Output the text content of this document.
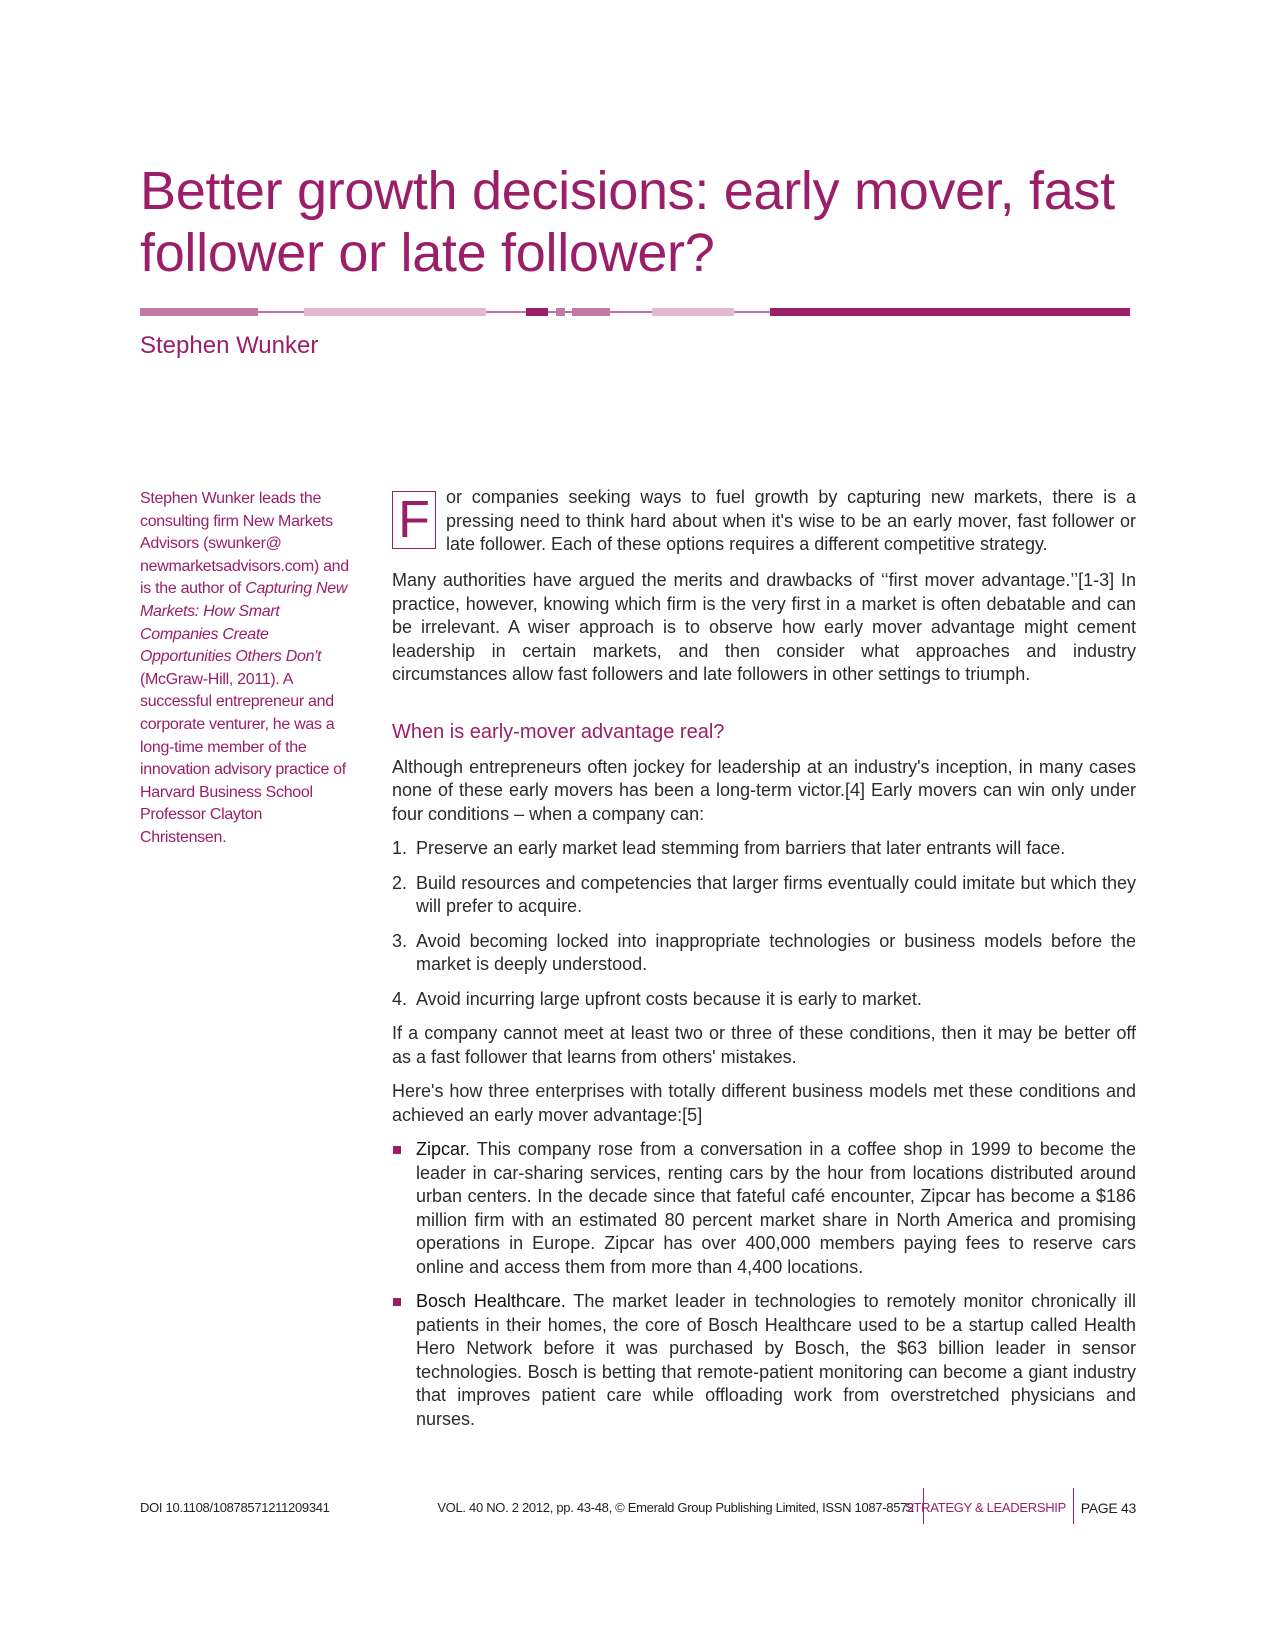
Better growth decisions: early mover, fast
follower or late follower?
Stephen Wunker
Stephen Wunker leads the consulting firm New Markets Advisors (swunker@ newmarketsadvisors.com) and is the author of Capturing New Markets: How Smart Companies Create Opportunities Others Don't (McGraw-Hill, 2011). A successful entrepreneur and corporate venturer, he was a long-time member of the innovation advisory practice of Harvard Business School Professor Clayton Christensen.

F or companies seeking ways to fuel growth by capturing new markets, there is a pressing need to think hard about when it's wise to be an early mover, fast follower or late follower. Each of these options requires a different competitive strategy.

Many authorities have argued the merits and drawbacks of ‘‘first mover advantage.’’[1-3] In practice, however, knowing which firm is the very first in a market is often debatable and can be irrelevant. A wiser approach is to observe how early mover advantage might cement leadership in certain markets, and then consider what approaches and industry circumstances allow fast followers and late followers in other settings to triumph.

When is early-mover advantage real?

Although entrepreneurs often jockey for leadership at an industry's inception, in many cases none of these early movers has been a long-term victor.[4] Early movers can win only under four conditions – when a company can:

1. Preserve an early market lead stemming from barriers that later entrants will face.
2. Build resources and competencies that larger firms eventually could imitate but which they will prefer to acquire.
3. Avoid becoming locked into inappropriate technologies or business models before the market is deeply understood.
4. Avoid incurring large upfront costs because it is early to market.

If a company cannot meet at least two or three of these conditions, then it may be better off as a fast follower that learns from others' mistakes.

Here's how three enterprises with totally different business models met these conditions and achieved an early mover advantage:[5]

Zipcar. This company rose from a conversation in a coffee shop in 1999 to become the leader in car-sharing services, renting cars by the hour from locations distributed around urban centers. In the decade since that fateful café encounter, Zipcar has become a $186 million firm with an estimated 80 percent market share in North America and promising operations in Europe. Zipcar has over 400,000 members paying fees to reserve cars online and access them from more than 4,400 locations.
Bosch Healthcare. The market leader in technologies to remotely monitor chronically ill patients in their homes, the core of Bosch Healthcare used to be a startup called Health Hero Network before it was purchased by Bosch, the $63 billion leader in sensor technologies. Bosch is betting that remote-patient monitoring can become a giant industry that improves patient care while offloading work from overstretched physicians and nurses.
DOI 10.1108/10878571211209341	VOL. 40 NO. 2 2012, pp. 43-48, © Emerald Group Publishing Limited, ISSN 1087-8572
STRATEGY & LEADERSHIP PAGE 43
